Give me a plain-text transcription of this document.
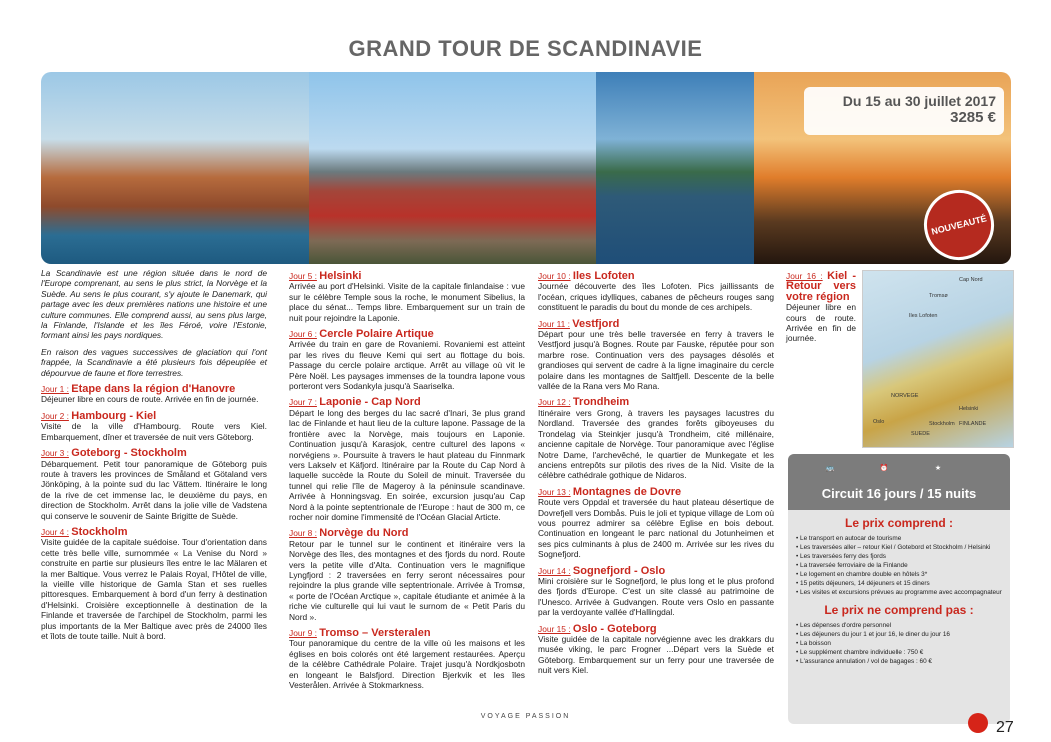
GRAND TOUR DE SCANDINAVIE
Du 15 au 30 juillet 2017
3285 €
NOUVEAUTÉ

La Scandinavie est une région située dans le nord de l'Europe comprenant, au sens le plus strict, la Norvège et la Suède. Au sens le plus courant, s'y ajoute le Danemark, qui partage avec les deux premières nations une histoire et une culture communes. Elle comprend aussi, au sens plus large, la Finlande, l'Islande et les îles Féroé, voire l'Estonie, formant ainsi les pays nordiques.

En raison des vagues successives de glaciation qui l'ont frappée, la Scandinavie a été plusieurs fois dépeuplée et dépourvue de faune et flore terrestres.

Jour 1 : Etape dans la région d'Hanovre

Déjeuner libre en cours de route. Arrivée en fin de journée.

Jour 2 : Hambourg - Kiel

Visite de la ville d'Hambourg. Route vers Kiel. Embarquement, dîner et traversée de nuit vers Göteborg.

Jour 3 : Goteborg - Stockholm

Débarquement. Petit tour panoramique de Göteborg puis route à travers les provinces de Småland et Götaland vers Jönköping, à la pointe sud du lac Vättem. Itinéraire le long de la rive de cet immense lac, le deuxième du pays, en direction de Stockholm. Arrêt dans la jolie ville de Vadstena qui conserve le souvenir de Sainte Brigitte de Suède.

Jour 4 : Stockholm

Visite guidée de la capitale suédoise. Tour d'orientation dans cette très belle ville, surnommée « La Venise du Nord » construite en partie sur plusieurs îles entre le lac Mälaren et la mer Baltique. Vous verrez le Palais Royal, l'Hôtel de ville, la vieille ville historique de Gamla Stan et ses ruelles pittoresques. Embarquement à bord d'un ferry à destination d'Helsinki. Croisière exceptionnelle à destination de la Finlande et traversée de l'archipel de Stockholm, parmi les plus importants de la Mer Baltique avec près de 24000 îles et îlots de toute taille. Nuit à bord.

Jour 5 : Helsinki

Arrivée au port d'Helsinki. Visite de la capitale finlandaise : vue sur le célèbre Temple sous la roche, le monument Sibelius, la place du sénat... Temps libre. Embarquement sur un train de nuit pour rejoindre la Laponie.

Jour 6 : Cercle Polaire Artique

Arrivée du train en gare de Rovaniemi. Rovaniemi est atteint par les rives du fleuve Kemi qui sert au flottage du bois. Passage du cercle polaire arctique. Arrêt au village où vit le Père Noël. Les paysages immenses de la toundra lapone vous porteront vers Sodankyla jusqu'à Saariselka.

Jour 7 : Laponie - Cap Nord

Départ le long des berges du lac sacré d'Inari, 3e plus grand lac de Finlande et haut lieu de la culture lapone. Passage de la frontière avec la Norvège, mais toujours en Laponie. Continuation jusqu'à Karasjok, centre culturel des lapons « norvégiens ». Poursuite à travers le haut plateau du Finnmark vers Lakselv et Käfjord. Itinéraire par la Route du Cap Nord à laquelle succède la Route du Soleil de minuit. Traversée du tunnel qui relie l'île de Mageroy à la péninsule scandinave. Arrivée à Honningsvag. En soirée, excursion jusqu'au Cap Nord à la pointe septentrionale de l'Europe : haut de 300 m, ce rocher noir domine l'immensité de l'Océan Glacial Articte.

Jour 8 : Norvège du Nord

Retour par le tunnel sur le continent et itinéraire vers la Norvège des îles, des montagnes et des fjords du nord. Route vers la petite ville d'Alta. Continuation vers le magnifique Lyngfjord : 2 traversées en ferry seront nécessaires pour rejoindre la plus grande ville septentrionale. Arrivée à Tromsø, « porte de l'Océan Arctique », capitale étudiante et animée à la riche vie culturelle qui lui vaut le surnom de « Petit Paris du Nord ».

Jour 9 : Tromso – Versteralen

Tour panoramique du centre de la ville où les maisons et les églises en bois colorés ont été largement restaurées. Aperçu de la célèbre Cathédrale Polaire. Trajet jusqu'à Nordkjosbotn en longeant le Balsfjord. Direction Bjerkvik et les îles Vesterålen. Arrivée à Stokmarkness.

Jour 10 : Iles Lofoten

Journée découverte des îles Lofoten. Pics jaillissants de l'océan, criques idylliques, cabanes de pêcheurs rouges sang constituent le paradis du bout du monde de ces archipels.

Jour 11 : Vestfjord

Départ pour une très belle traversée en ferry à travers le Vestfjord jusqu'à Bognes. Route par Fauske, réputée pour son marbre rose. Continuation vers des paysages désolés et grandioses qui servent de cadre à la ligne imaginaire du cercle polaire dans les montagnes de Saltfjell. Descente de la belle vallée de la Rana vers Mo Rana.

Jour 12 : Trondheim

Itinéraire vers Grong, à travers les paysages lacustres du Nordland. Traversée des grandes forêts giboyeuses du Trondelag via Steinkjer jusqu'à Trondheim, cité millénaire, ancienne capitale de Norvège. Tour panoramique avec l'église Notre Dame, l'archevêché, le quartier de Munkegate et les anciens entrepôts sur pilotis des rives de la Nid. Visite de la célèbre cathédrale gothique de Nidaros.

Jour 13 : Montagnes de Dovre

Route vers Oppdal et traversée du haut plateau désertique de Dovrefjell vers Dombås. Puis le joli et typique village de Lom où vous pourrez admirer sa célèbre Eglise en bois debout. Continuation en longeant le parc national du Jotunheimen et ses pics culminants à plus de 2400 m. Arrivée sur les rives du Sognefjord.

Jour 14 : Sognefjord - Oslo

Mini croisière sur le Sognefjord, le plus long et le plus profond des fjords d'Europe. C'est un site classé au patrimoine de l'Unesco. Arrivée à Gudvangen. Route vers Oslo en passante par la verdoyante vallée d'Hallingdal.

Jour 15 : Oslo - Goteborg

Visite guidée de la capitale norvégienne avec les drakkars du musée viking, le parc Frogner ...Départ vers la Suède et Göteborg. Embarquement sur un ferry pour une traversée de nuit vers Kiel.

Jour 16 : Kiel - Retour vers votre région

Déjeuner libre en cours de route. Arrivée en fin de journée.

Cap Nord
Tromsø
Iles Lofoten
NORVEGE
FINLANDE
Helsinki
Stockholm
SUEDE
Oslo
🚌	⏰	★
Circuit 16 jours / 15 nuits
Le prix comprend :
• Le transport en autocar de tourisme
• Les traversées aller – retour Kiel / Gotebord et Stockholm / Helsinki
• Les traversées ferry des fjords
• La traversée ferroviaire de la Finlande
• Le logement en chambre double en hôtels 3*
• 15 petits déjeuners, 14 déjeuners et 15 diners
• Les visites et excursions prévues au programme avec accompagnateur
Le prix ne comprend pas :
• Les dépenses d'ordre personnel
• Les déjeuners du jour 1 et jour 16, le diner du jour 16
• La boisson
• Le supplément chambre individuelle : 750 €
• L'assurance annulation / vol de bagages : 60 €
VOYAGE PASSION
27
